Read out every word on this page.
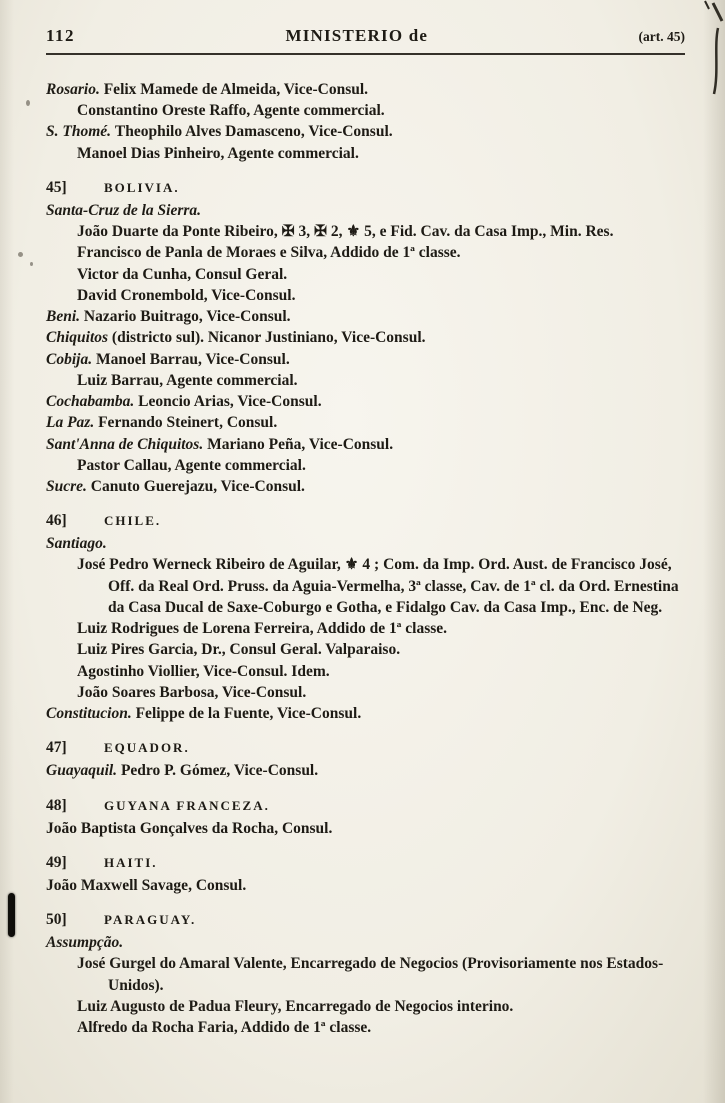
112	MINISTERIO de	(art. 45)
Rosario. Felix Mamede de Almeida, Vice-Consul.
Constantino Oreste Raffo, Agente commercial.
S. Thomé. Theophilo Alves Damasceno, Vice-Consul.
Manoel Dias Pinheiro, Agente commercial.
45]	BOLIVIA.
Santa-Cruz de la Sierra.
João Duarte da Ponte Ribeiro, ✠ 3, ✠ 2, ⚜ 5, e Fid. Cav. da Casa Imp., Min. Res.
Francisco de Panla de Moraes e Silva, Addido de 1ª classe.
Victor da Cunha, Consul Geral.
David Cronembold, Vice-Consul.
Beni. Nazario Buitrago, Vice-Consul.
Chiquitos (districto sul). Nicanor Justiniano, Vice-Consul.
Cobija. Manoel Barrau, Vice-Consul.
Luiz Barrau, Agente commercial.
Cochabamba. Leoncio Arias, Vice-Consul.
La Paz. Fernando Steinert, Consul.
Sant'Anna de Chiquitos. Mariano Peña, Vice-Consul.
Pastor Callau, Agente commercial.
Sucre. Canuto Guerejazu, Vice-Consul.
46]	CHILE.
Santiago.
José Pedro Werneck Ribeiro de Aguilar, ⚜ 4 ; Com. da Imp. Ord. Aust. de Francisco José, Off. da Real Ord. Pruss. da Aguia-Vermelha, 3ª classe, Cav. de 1ª cl. da Ord. Ernestina da Casa Ducal de Saxe-Coburgo e Gotha, e Fidalgo Cav. da Casa Imp., Enc. de Neg.
Luiz Rodrigues de Lorena Ferreira, Addido de 1ª classe.
Luiz Pires Garcia, Dr., Consul Geral. Valparaiso.
Agostinho Viollier, Vice-Consul. Idem.
João Soares Barbosa, Vice-Consul.
Constitucion. Felippe de la Fuente, Vice-Consul.
47]	EQUADOR.
Guayaquil. Pedro P. Gómez, Vice-Consul.
48]	GUYANA FRANCEZA.
João Baptista Gonçalves da Rocha, Consul.
49]	HAITI.
João Maxwell Savage, Consul.
50]	PARAGUAY.
Assumpção.
José Gurgel do Amaral Valente, Encarregado de Negocios (Provisoriamente nos Estados-Unidos).
Luiz Augusto de Padua Fleury, Encarregado de Negocios interino.
Alfredo da Rocha Faria, Addido de 1ª classe.
